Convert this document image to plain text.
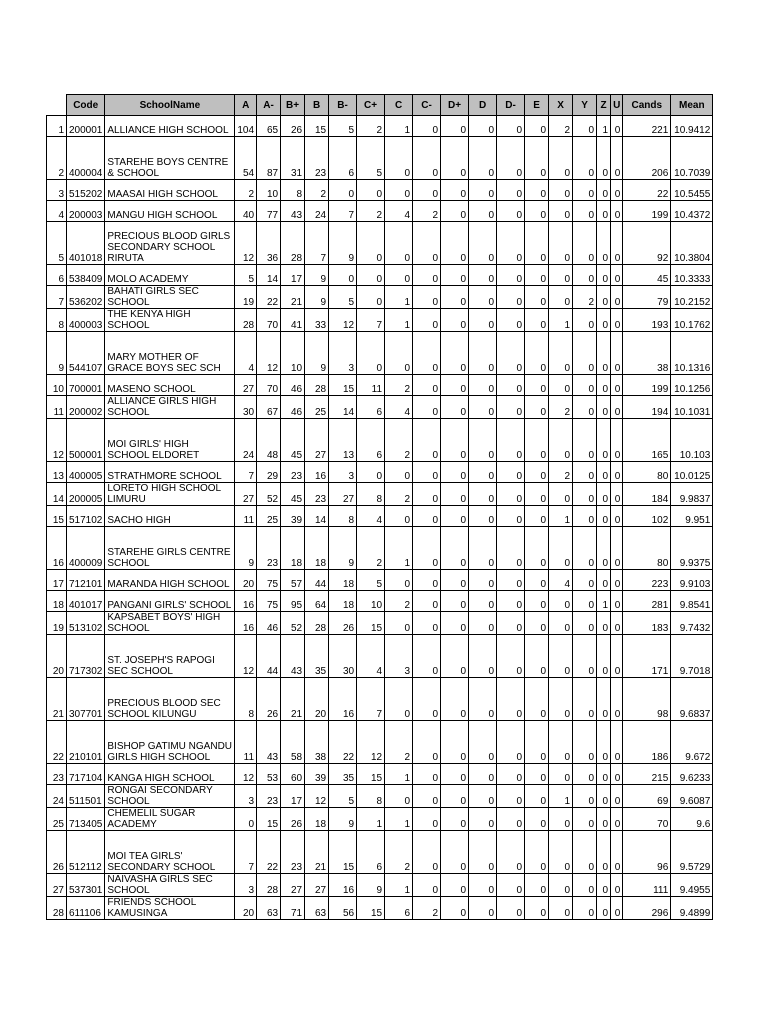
	Code	SchoolName	A	A-	B+	B	B-	C+	C	C-	D+	D	D-	E	X	Y	Z	U	Cands	Mean
1	200001	ALLIANCE HIGH SCHOOL	104	65	26	15	5	2	1	0	0	0	0	0	2	0	1	0	221	10.9412
2	400004	STAREHE BOYS CENTRE & SCHOOL	54	87	31	23	6	5	0	0	0	0	0	0	0	0	0	0	206	10.7039
3	515202	MAASAI HIGH SCHOOL	2	10	8	2	0	0	0	0	0	0	0	0	0	0	0	0	22	10.5455
4	200003	MANGU HIGH SCHOOL	40	77	43	24	7	2	4	2	0	0	0	0	0	0	0	0	199	10.4372
5	401018	PRECIOUS BLOOD GIRLS SECONDARY SCHOOL RIRUTA	12	36	28	7	9	0	0	0	0	0	0	0	0	0	0	0	92	10.3804
6	538409	MOLO ACADEMY	5	14	17	9	0	0	0	0	0	0	0	0	0	0	0	0	45	10.3333
7	536202	BAHATI GIRLS SEC SCHOOL	19	22	21	9	5	0	1	0	0	0	0	0	0	2	0	0	79	10.2152
8	400003	THE KENYA HIGH SCHOOL	28	70	41	33	12	7	1	0	0	0	0	0	1	0	0	0	193	10.1762
9	544107	MARY MOTHER OF GRACE BOYS SEC SCH	4	12	10	9	3	0	0	0	0	0	0	0	0	0	0	0	38	10.1316
10	700001	MASENO SCHOOL	27	70	46	28	15	11	2	0	0	0	0	0	0	0	0	0	199	10.1256
11	200002	ALLIANCE GIRLS HIGH SCHOOL	30	67	46	25	14	6	4	0	0	0	0	0	2	0	0	0	194	10.1031
12	500001	MOI GIRLS' HIGH SCHOOL ELDORET	24	48	45	27	13	6	2	0	0	0	0	0	0	0	0	0	165	10.103
13	400005	STRATHMORE SCHOOL	7	29	23	16	3	0	0	0	0	0	0	0	2	0	0	0	80	10.0125
14	200005	LORETO HIGH SCHOOL LIMURU	27	52	45	23	27	8	2	0	0	0	0	0	0	0	0	0	184	9.9837
15	517102	SACHO HIGH	11	25	39	14	8	4	0	0	0	0	0	0	1	0	0	0	102	9.951
16	400009	STAREHE GIRLS CENTRE SCHOOL	9	23	18	18	9	2	1	0	0	0	0	0	0	0	0	0	80	9.9375
17	712101	MARANDA HIGH SCHOOL	20	75	57	44	18	5	0	0	0	0	0	0	4	0	0	0	223	9.9103
18	401017	PANGANI GIRLS' SCHOOL	16	75	95	64	18	10	2	0	0	0	0	0	0	0	1	0	281	9.8541
19	513102	KAPSABET BOYS' HIGH SCHOOL	16	46	52	28	26	15	0	0	0	0	0	0	0	0	0	0	183	9.7432
20	717302	ST. JOSEPH'S RAPOGI SEC SCHOOL	12	44	43	35	30	4	3	0	0	0	0	0	0	0	0	0	171	9.7018
21	307701	PRECIOUS BLOOD SEC SCHOOL KILUNGU	8	26	21	20	16	7	0	0	0	0	0	0	0	0	0	0	98	9.6837
22	210101	BISHOP GATIMU NGANDU GIRLS HIGH SCHOOL	11	43	58	38	22	12	2	0	0	0	0	0	0	0	0	0	186	9.672
23	717104	KANGA HIGH SCHOOL	12	53	60	39	35	15	1	0	0	0	0	0	0	0	0	0	215	9.6233
24	511501	RONGAI SECONDARY SCHOOL	3	23	17	12	5	8	0	0	0	0	0	0	1	0	0	0	69	9.6087
25	713405	CHEMELIL SUGAR ACADEMY	0	15	26	18	9	1	1	0	0	0	0	0	0	0	0	0	70	9.6
26	512112	MOI TEA GIRLS' SECONDARY SCHOOL	7	22	23	21	15	6	2	0	0	0	0	0	0	0	0	0	96	9.5729
27	537301	NAIVASHA GIRLS SEC SCHOOL	3	28	27	27	16	9	1	0	0	0	0	0	0	0	0	0	111	9.4955
28	611106	FRIENDS SCHOOL KAMUSINGA	20	63	71	63	56	15	6	2	0	0	0	0	0	0	0	0	296	9.4899
